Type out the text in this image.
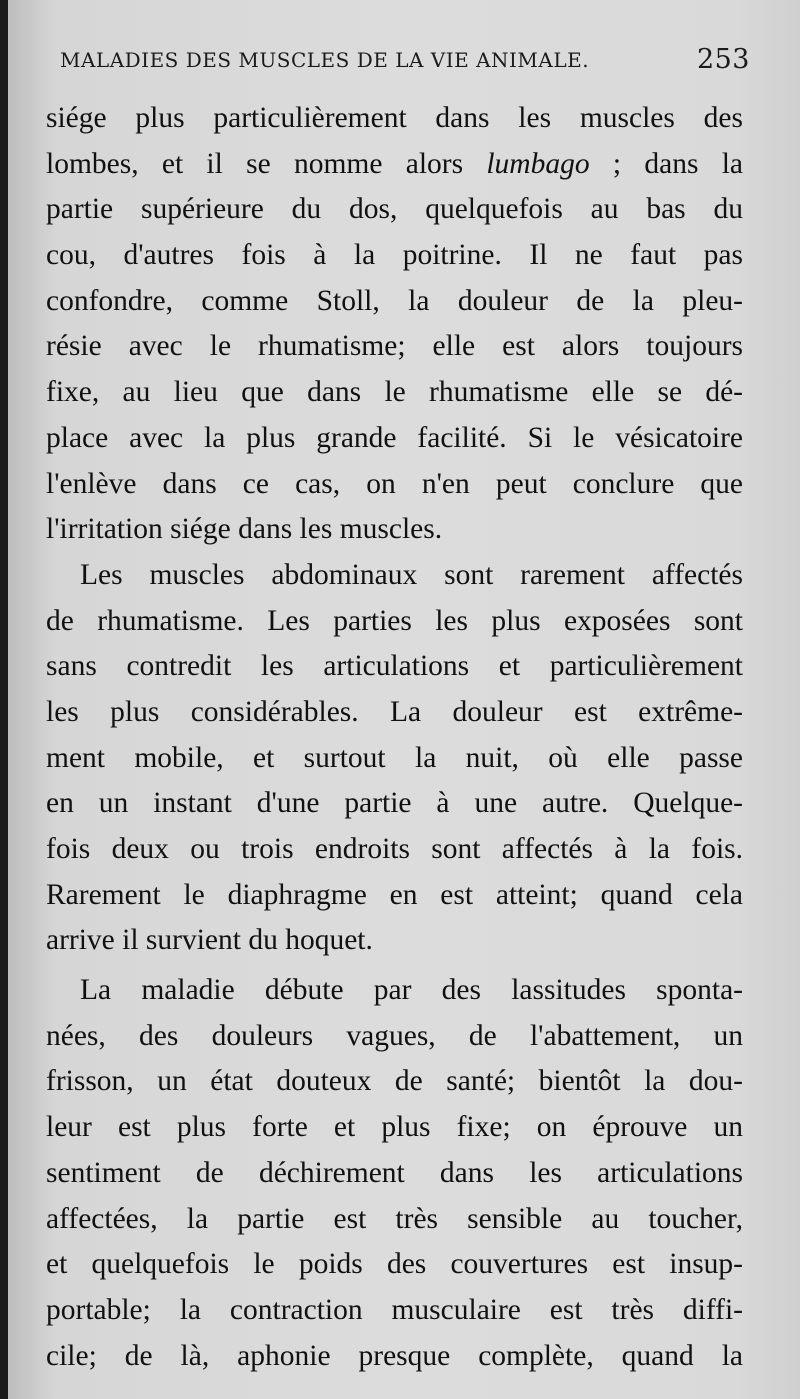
MALADIES DES MUSCLES DE LA VIE ANIMALE.	253
siége plus particulièrement dans les muscles des
lombes, et il se nomme alors lumbago ; dans la
partie supérieure du dos, quelquefois au bas du
cou, d'autres fois à la poitrine. Il ne faut pas
confondre, comme Stoll, la douleur de la pleu-
résie avec le rhumatisme; elle est alors toujours
fixe, au lieu que dans le rhumatisme elle se dé-
place avec la plus grande facilité. Si le vésicatoire
l'enlève dans ce cas, on n'en peut conclure que
l'irritation siége dans les muscles.
Les muscles abdominaux sont rarement affectés
de rhumatisme. Les parties les plus exposées sont
sans contredit les articulations et particulièrement
les plus considérables. La douleur est extrême-
ment mobile, et surtout la nuit, où elle passe
en un instant d'une partie à une autre. Quelque-
fois deux ou trois endroits sont affectés à la fois.
Rarement le diaphragme en est atteint; quand cela
arrive il survient du hoquet.
La maladie débute par des lassitudes sponta-
nées, des douleurs vagues, de l'abattement, un
frisson, un état douteux de santé; bientôt la dou-
leur est plus forte et plus fixe; on éprouve un
sentiment de déchirement dans les articulations
affectées, la partie est très sensible au toucher,
et quelquefois le poids des couvertures est insup-
portable; la contraction musculaire est très diffi-
cile; de là, aphonie presque complète, quand la
